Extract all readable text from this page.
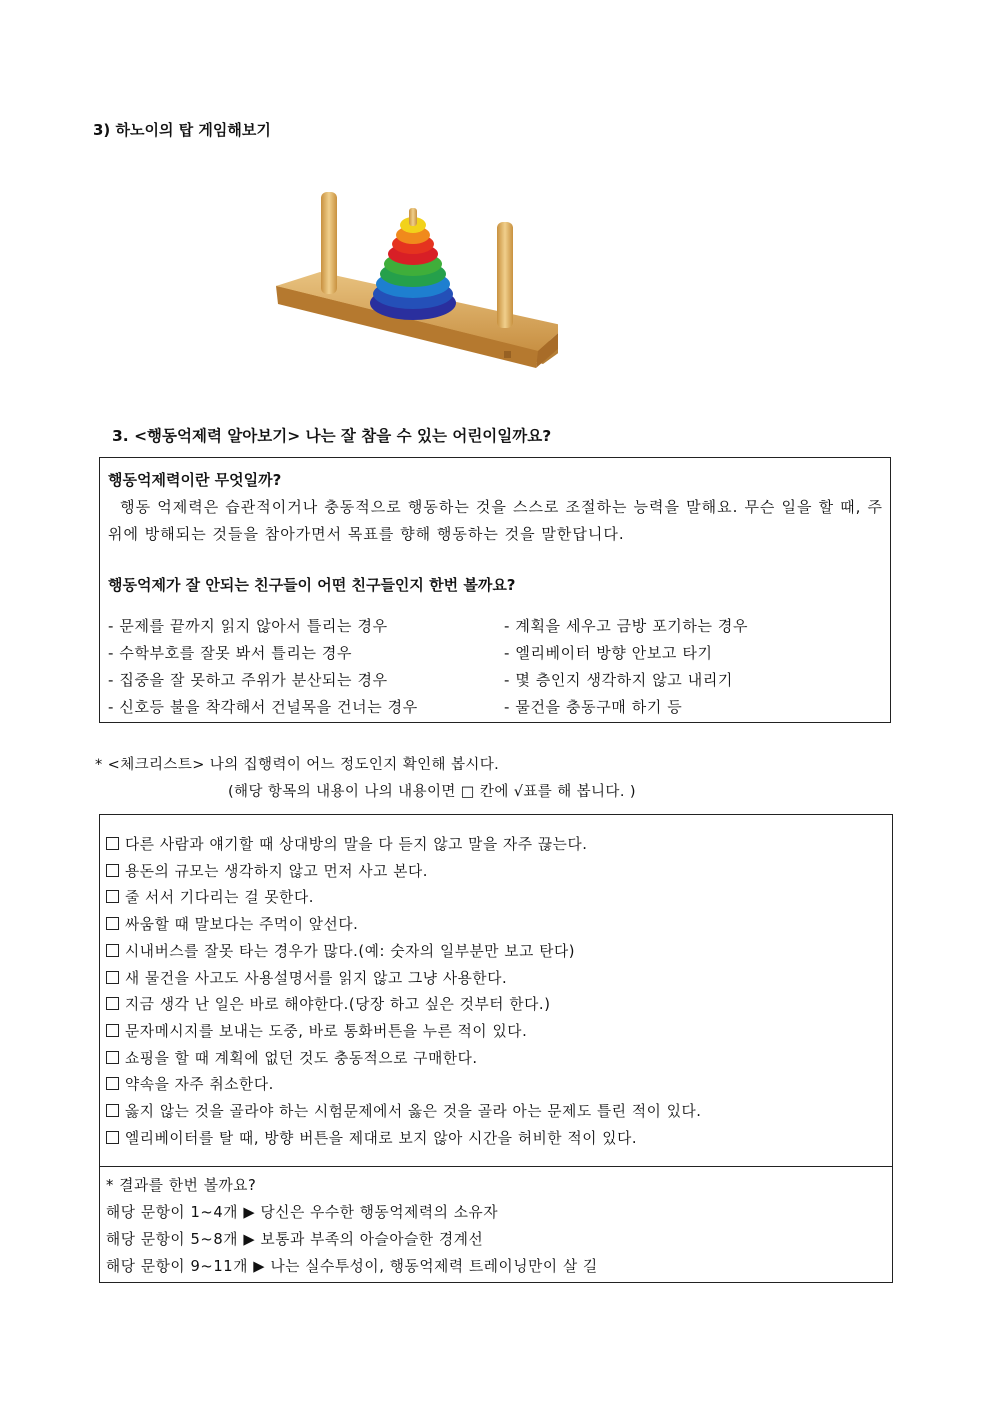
3) 하노이의 탑 게임해보기
3. <행동억제력 알아보기> 나는 잘 참을 수 있는 어린이일까요?
행동억제력이란 무엇일까?
행동 억제력은 습관적이거나 충동적으로 행동하는 것을 스스로 조절하는 능력을 말해요. 무슨 일을 할 때, 주위에 방해되는 것들을 참아가면서 목표를 향해 행동하는 것을 말한답니다.
행동억제가 잘 안되는 친구들이 어떤 친구들인지 한번 볼까요?
- 문제를 끝까지 읽지 않아서 틀리는 경우
- 수학부호를 잘못 봐서 틀리는 경우
- 집중을 잘 못하고 주위가 분산되는 경우
- 신호등 불을 착각해서 건널목을 건너는 경우
- 계획을 세우고 금방 포기하는 경우
- 엘리베이터 방향 안보고 타기
- 몇 층인지 생각하지 않고 내리기
- 물건을 충동구매 하기 등
* <체크리스트> 나의 집행력이 어느 정도인지 확인해 봅시다.
(해당 항목의 내용이 나의 내용이면 □ 칸에 √표를 해 봅니다. )
다른 사람과 얘기할 때 상대방의 말을 다 듣지 않고 말을 자주 끊는다.
용돈의 규모는 생각하지 않고 먼저 사고 본다.
줄 서서 기다리는 걸 못한다.
싸움할 때 말보다는 주먹이 앞선다.
시내버스를 잘못 타는 경우가 많다.(예: 숫자의 일부분만 보고 탄다)
새 물건을 사고도 사용설명서를 읽지 않고 그냥 사용한다.
지금 생각 난 일은 바로 해야한다.(당장 하고 싶은 것부터 한다.)
문자메시지를 보내는 도중, 바로 통화버튼을 누른 적이 있다.
쇼핑을 할 때 계획에 없던 것도 충동적으로 구매한다.
약속을 자주 취소한다.
옳지 않는 것을 골라야 하는 시험문제에서 옳은 것을 골라 아는 문제도 틀린 적이 있다.
엘리베이터를 탈 때, 방향 버튼을 제대로 보지 않아 시간을 허비한 적이 있다.
* 결과를 한번 볼까요?
해당 문항이 1~4개 ▶ 당신은 우수한 행동억제력의 소유자
해당 문항이 5~8개 ▶ 보통과 부족의 아슬아슬한 경계선
해당 문항이 9~11개 ▶ 나는 실수투성이, 행동억제력 트레이닝만이 살 길
